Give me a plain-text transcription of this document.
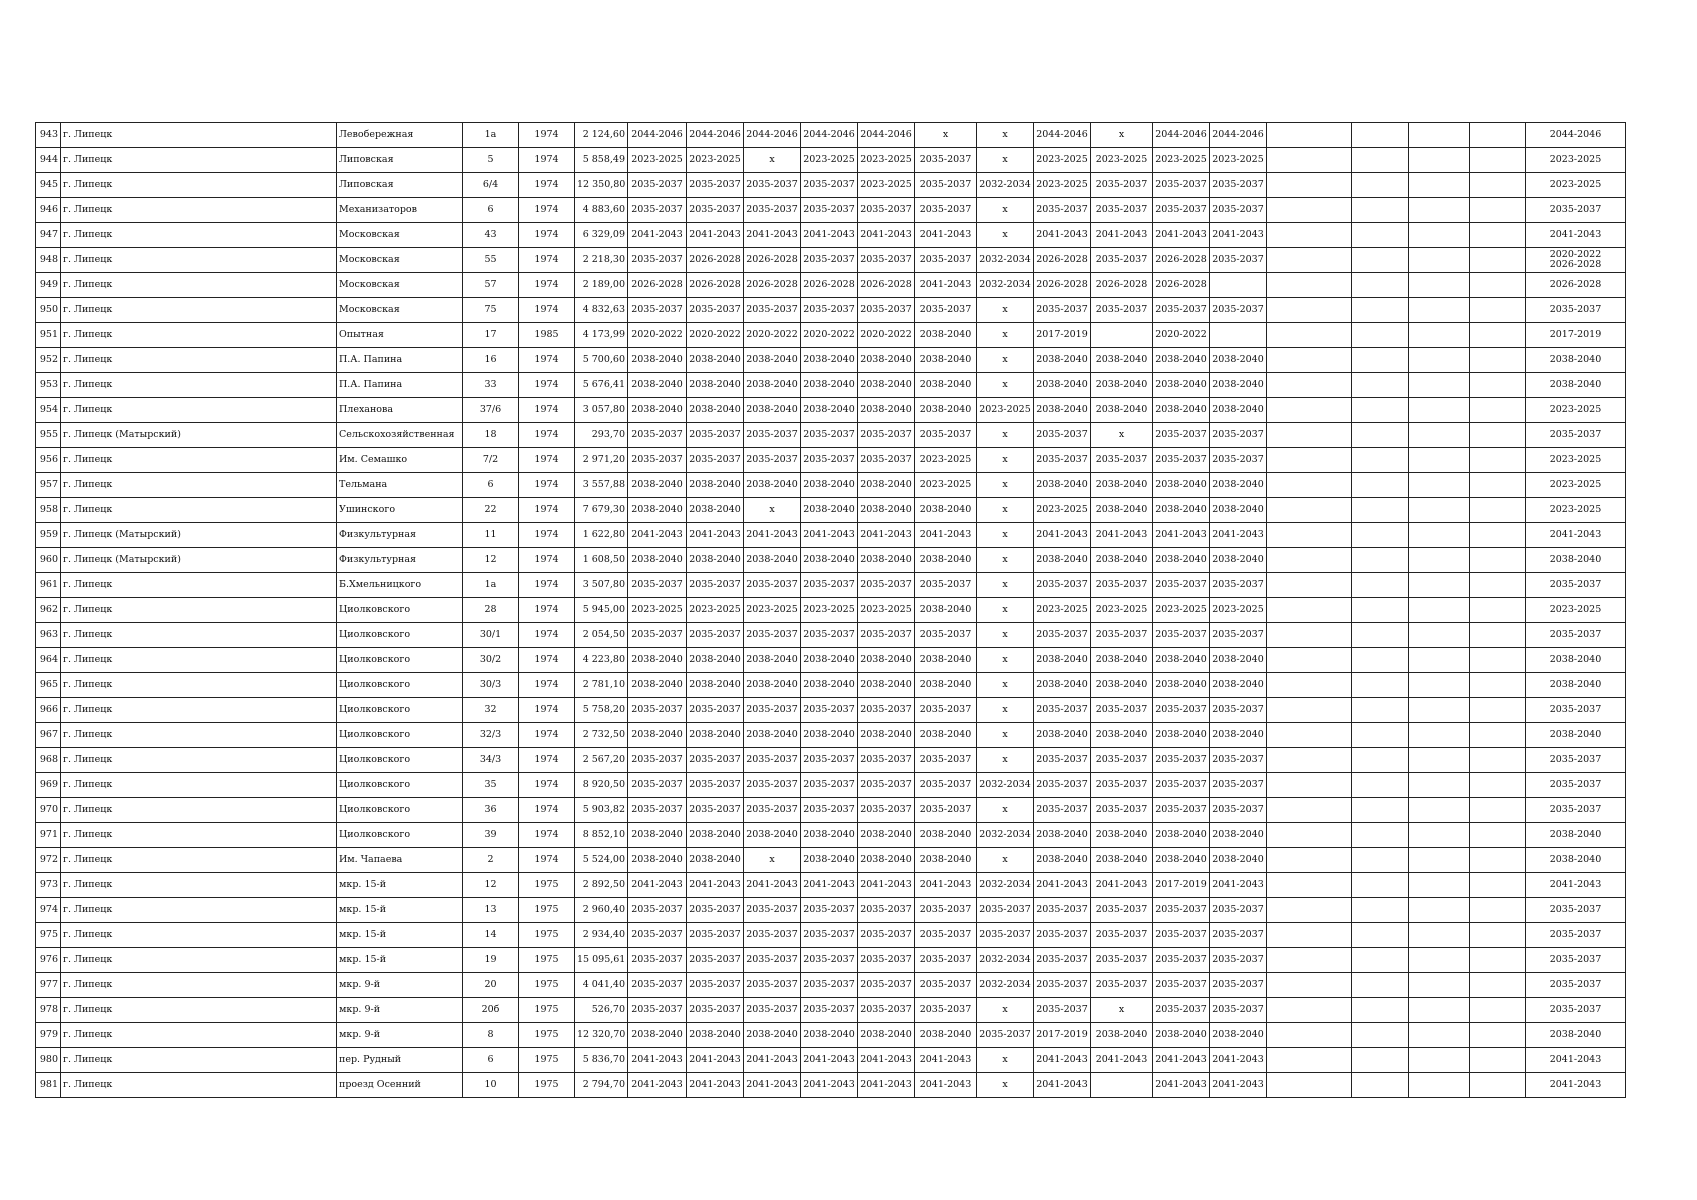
943	г. Липецк	Левобережная	1а	1974	2 124,60	2044-2046	2044-2046	2044-2046	2044-2046	2044-2046	х	х	2044-2046	х	2044-2046	2044-2046					2044-2046

944	г. Липецк	Липовская	5	1974	5 858,49	2023-2025	2023-2025	х	2023-2025	2023-2025	2035-2037	х	2023-2025	2023-2025	2023-2025	2023-2025					2023-2025

945	г. Липецк	Липовская	6/4	1974	12 350,80	2035-2037	2035-2037	2035-2037	2035-2037	2023-2025	2035-2037	2032-2034	2023-2025	2035-2037	2035-2037	2035-2037					2023-2025

946	г. Липецк	Механизаторов	6	1974	4 883,60	2035-2037	2035-2037	2035-2037	2035-2037	2035-2037	2035-2037	х	2035-2037	2035-2037	2035-2037	2035-2037					2035-2037

947	г. Липецк	Московская	43	1974	6 329,09	2041-2043	2041-2043	2041-2043	2041-2043	2041-2043	2041-2043	х	2041-2043	2041-2043	2041-2043	2041-2043					2041-2043

948	г. Липецк	Московская	55	1974	2 218,30	2035-2037	2026-2028	2026-2028	2035-2037	2035-2037	2035-2037	2032-2034	2026-2028	2035-2037	2026-2028	2035-2037					2020-2022
2026-2028

949	г. Липецк	Московская	57	1974	2 189,00	2026-2028	2026-2028	2026-2028	2026-2028	2026-2028	2041-2043	2032-2034	2026-2028	2026-2028	2026-2028						2026-2028

950	г. Липецк	Московская	75	1974	4 832,63	2035-2037	2035-2037	2035-2037	2035-2037	2035-2037	2035-2037	х	2035-2037	2035-2037	2035-2037	2035-2037					2035-2037

951	г. Липецк	Опытная	17	1985	4 173,99	2020-2022	2020-2022	2020-2022	2020-2022	2020-2022	2038-2040	х	2017-2019		2020-2022						2017-2019

952	г. Липецк	П.А. Папина	16	1974	5 700,60	2038-2040	2038-2040	2038-2040	2038-2040	2038-2040	2038-2040	х	2038-2040	2038-2040	2038-2040	2038-2040					2038-2040

953	г. Липецк	П.А. Папина	33	1974	5 676,41	2038-2040	2038-2040	2038-2040	2038-2040	2038-2040	2038-2040	х	2038-2040	2038-2040	2038-2040	2038-2040					2038-2040

954	г. Липецк	Плеханова	37/6	1974	3 057,80	2038-2040	2038-2040	2038-2040	2038-2040	2038-2040	2038-2040	2023-2025	2038-2040	2038-2040	2038-2040	2038-2040					2023-2025

955	г. Липецк (Матырский)	Сельскохозяйственная	18	1974	293,70	2035-2037	2035-2037	2035-2037	2035-2037	2035-2037	2035-2037	х	2035-2037	х	2035-2037	2035-2037					2035-2037

956	г. Липецк	Им. Семашко	7/2	1974	2 971,20	2035-2037	2035-2037	2035-2037	2035-2037	2035-2037	2023-2025	х	2035-2037	2035-2037	2035-2037	2035-2037					2023-2025

957	г. Липецк	Тельмана	6	1974	3 557,88	2038-2040	2038-2040	2038-2040	2038-2040	2038-2040	2023-2025	х	2038-2040	2038-2040	2038-2040	2038-2040					2023-2025

958	г. Липецк	Ушинского	22	1974	7 679,30	2038-2040	2038-2040	х	2038-2040	2038-2040	2038-2040	х	2023-2025	2038-2040	2038-2040	2038-2040					2023-2025

959	г. Липецк (Матырский)	Физкультурная	11	1974	1 622,80	2041-2043	2041-2043	2041-2043	2041-2043	2041-2043	2041-2043	х	2041-2043	2041-2043	2041-2043	2041-2043					2041-2043

960	г. Липецк (Матырский)	Физкультурная	12	1974	1 608,50	2038-2040	2038-2040	2038-2040	2038-2040	2038-2040	2038-2040	х	2038-2040	2038-2040	2038-2040	2038-2040					2038-2040

961	г. Липецк	Б.Хмельницкого	1а	1974	3 507,80	2035-2037	2035-2037	2035-2037	2035-2037	2035-2037	2035-2037	х	2035-2037	2035-2037	2035-2037	2035-2037					2035-2037

962	г. Липецк	Циолковского	28	1974	5 945,00	2023-2025	2023-2025	2023-2025	2023-2025	2023-2025	2038-2040	х	2023-2025	2023-2025	2023-2025	2023-2025					2023-2025

963	г. Липецк	Циолковского	30/1	1974	2 054,50	2035-2037	2035-2037	2035-2037	2035-2037	2035-2037	2035-2037	х	2035-2037	2035-2037	2035-2037	2035-2037					2035-2037

964	г. Липецк	Циолковского	30/2	1974	4 223,80	2038-2040	2038-2040	2038-2040	2038-2040	2038-2040	2038-2040	х	2038-2040	2038-2040	2038-2040	2038-2040					2038-2040

965	г. Липецк	Циолковского	30/3	1974	2 781,10	2038-2040	2038-2040	2038-2040	2038-2040	2038-2040	2038-2040	х	2038-2040	2038-2040	2038-2040	2038-2040					2038-2040

966	г. Липецк	Циолковского	32	1974	5 758,20	2035-2037	2035-2037	2035-2037	2035-2037	2035-2037	2035-2037	х	2035-2037	2035-2037	2035-2037	2035-2037					2035-2037

967	г. Липецк	Циолковского	32/3	1974	2 732,50	2038-2040	2038-2040	2038-2040	2038-2040	2038-2040	2038-2040	х	2038-2040	2038-2040	2038-2040	2038-2040					2038-2040

968	г. Липецк	Циолковского	34/3	1974	2 567,20	2035-2037	2035-2037	2035-2037	2035-2037	2035-2037	2035-2037	х	2035-2037	2035-2037	2035-2037	2035-2037					2035-2037

969	г. Липецк	Циолковского	35	1974	8 920,50	2035-2037	2035-2037	2035-2037	2035-2037	2035-2037	2035-2037	2032-2034	2035-2037	2035-2037	2035-2037	2035-2037					2035-2037

970	г. Липецк	Циолковского	36	1974	5 903,82	2035-2037	2035-2037	2035-2037	2035-2037	2035-2037	2035-2037	х	2035-2037	2035-2037	2035-2037	2035-2037					2035-2037

971	г. Липецк	Циолковского	39	1974	8 852,10	2038-2040	2038-2040	2038-2040	2038-2040	2038-2040	2038-2040	2032-2034	2038-2040	2038-2040	2038-2040	2038-2040					2038-2040

972	г. Липецк	Им. Чапаева	2	1974	5 524,00	2038-2040	2038-2040	х	2038-2040	2038-2040	2038-2040	х	2038-2040	2038-2040	2038-2040	2038-2040					2038-2040

973	г. Липецк	мкр. 15-й	12	1975	2 892,50	2041-2043	2041-2043	2041-2043	2041-2043	2041-2043	2041-2043	2032-2034	2041-2043	2041-2043	2017-2019	2041-2043					2041-2043

974	г. Липецк	мкр. 15-й	13	1975	2 960,40	2035-2037	2035-2037	2035-2037	2035-2037	2035-2037	2035-2037	2035-2037	2035-2037	2035-2037	2035-2037	2035-2037					2035-2037

975	г. Липецк	мкр. 15-й	14	1975	2 934,40	2035-2037	2035-2037	2035-2037	2035-2037	2035-2037	2035-2037	2035-2037	2035-2037	2035-2037	2035-2037	2035-2037					2035-2037

976	г. Липецк	мкр. 15-й	19	1975	15 095,61	2035-2037	2035-2037	2035-2037	2035-2037	2035-2037	2035-2037	2032-2034	2035-2037	2035-2037	2035-2037	2035-2037					2035-2037

977	г. Липецк	мкр. 9-й	20	1975	4 041,40	2035-2037	2035-2037	2035-2037	2035-2037	2035-2037	2035-2037	2032-2034	2035-2037	2035-2037	2035-2037	2035-2037					2035-2037

978	г. Липецк	мкр. 9-й	20б	1975	526,70	2035-2037	2035-2037	2035-2037	2035-2037	2035-2037	2035-2037	х	2035-2037	х	2035-2037	2035-2037					2035-2037

979	г. Липецк	мкр. 9-й	8	1975	12 320,70	2038-2040	2038-2040	2038-2040	2038-2040	2038-2040	2038-2040	2035-2037	2017-2019	2038-2040	2038-2040	2038-2040					2038-2040

980	г. Липецк	пер. Рудный	6	1975	5 836,70	2041-2043	2041-2043	2041-2043	2041-2043	2041-2043	2041-2043	х	2041-2043	2041-2043	2041-2043	2041-2043					2041-2043

981	г. Липецк	проезд Осенний	10	1975	2 794,70	2041-2043	2041-2043	2041-2043	2041-2043	2041-2043	2041-2043	х	2041-2043		2041-2043	2041-2043					2041-2043
